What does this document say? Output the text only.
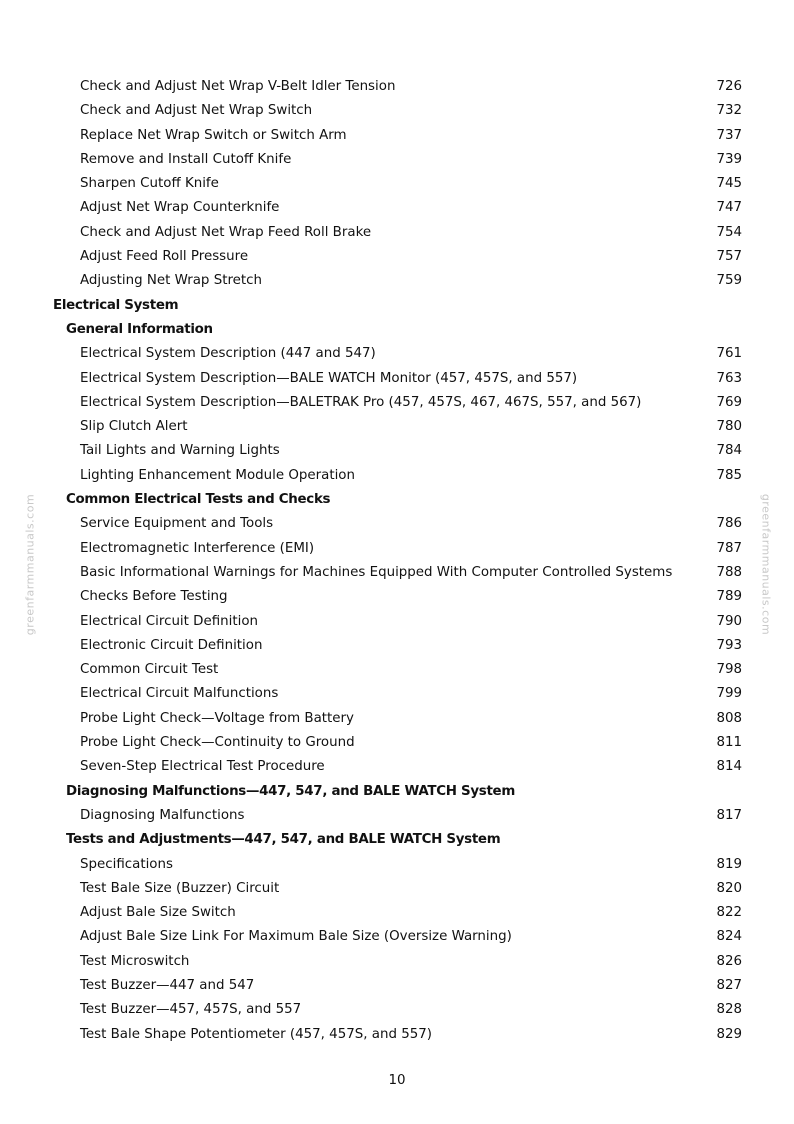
Check and Adjust Net Wrap V-Belt Idler Tension	726
Check and Adjust Net Wrap Switch	732
Replace Net Wrap Switch or Switch Arm	737
Remove and Install Cutoff Knife	739
Sharpen Cutoff Knife	745
Adjust Net Wrap Counterknife	747
Check and Adjust Net Wrap Feed Roll Brake	754
Adjust Feed Roll Pressure	757
Adjusting Net Wrap Stretch	759
Electrical System
General Information
Electrical System Description (447 and 547)	761
Electrical System Description—BALE WATCH Monitor (457, 457S, and 557)	763
Electrical System Description—BALETRAK Pro (457, 457S, 467, 467S, 557, and 567)	769
Slip Clutch Alert	780
Tail Lights and Warning Lights	784
Lighting Enhancement Module Operation	785
Common Electrical Tests and Checks
Service Equipment and Tools	786
Electromagnetic Interference (EMI)	787
Basic Informational Warnings for Machines Equipped With Computer Controlled Systems	788
Checks Before Testing	789
Electrical Circuit Definition	790
Electronic Circuit Definition	793
Common Circuit Test	798
Electrical Circuit Malfunctions	799
Probe Light Check—Voltage from Battery	808
Probe Light Check—Continuity to Ground	811
Seven-Step Electrical Test Procedure	814
Diagnosing Malfunctions—447, 547, and BALE WATCH System
Diagnosing Malfunctions	817
Tests and Adjustments—447, 547, and BALE WATCH System
Specifications	819
Test Bale Size (Buzzer) Circuit	820
Adjust Bale Size Switch	822
Adjust Bale Size Link For Maximum Bale Size (Oversize Warning)	824
Test Microswitch	826
Test Buzzer—447 and 547	827
Test Buzzer—457, 457S, and 557	828
Test Bale Shape Potentiometer (457, 457S, and 557)	829
10
greenfarmmanuals.com	greenfarmmanuals.com
